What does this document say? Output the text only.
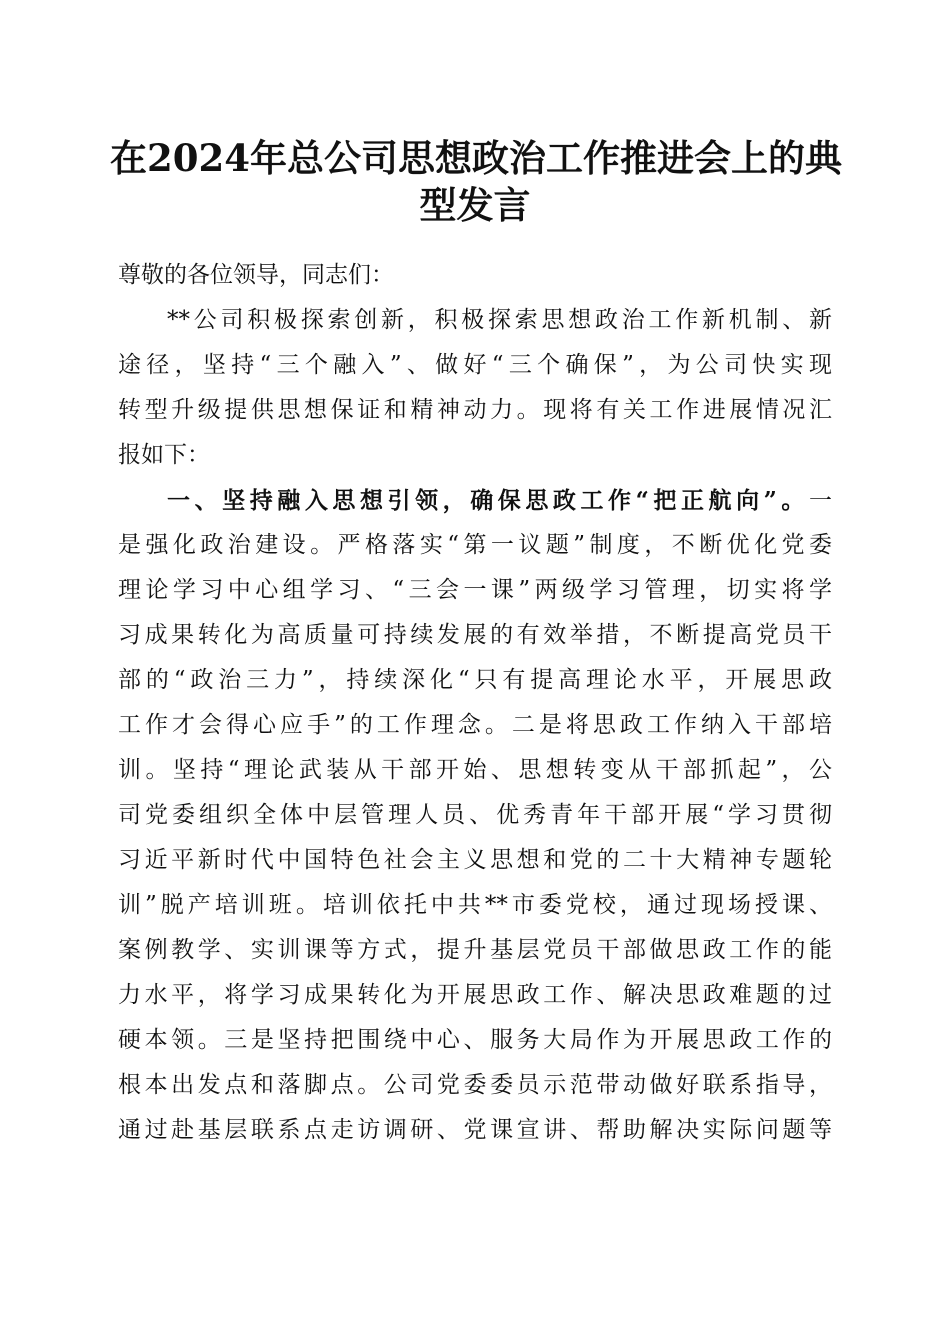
在2024年总公司思想政治工作推进会上的典
型发言
尊敬的各位领导，同志们：
**公司积极探索创新，积极探索思想政治工作新机制、新
途径，坚持“三个融入”、做好“三个确保”，为公司快实现
转型升级提供思想保证和精神动力。现将有关工作进展情况汇
报如下：
一、坚持融入思想引领，确保思政工作“把正航向”。一
是强化政治建设。严格落实“第一议题”制度，不断优化党委
理论学习中心组学习、“三会一课”两级学习管理，切实将学
习成果转化为高质量可持续发展的有效举措，不断提高党员干
部的“政治三力”，持续深化“只有提高理论水平，开展思政
工作才会得心应手”的工作理念。二是将思政工作纳入干部培
训。坚持“理论武装从干部开始、思想转变从干部抓起”，公
司党委组织全体中层管理人员、优秀青年干部开展“学习贯彻
习近平新时代中国特色社会主义思想和党的二十大精神专题轮
训”脱产培训班。培训依托中共**市委党校，通过现场授课、
案例教学、实训课等方式，提升基层党员干部做思政工作的能
力水平，将学习成果转化为开展思政工作、解决思政难题的过
硬本领。三是坚持把围绕中心、服务大局作为开展思政工作的
根本出发点和落脚点。公司党委委员示范带动做好联系指导，
通过赴基层联系点走访调研、党课宣讲、帮助解决实际问题等
